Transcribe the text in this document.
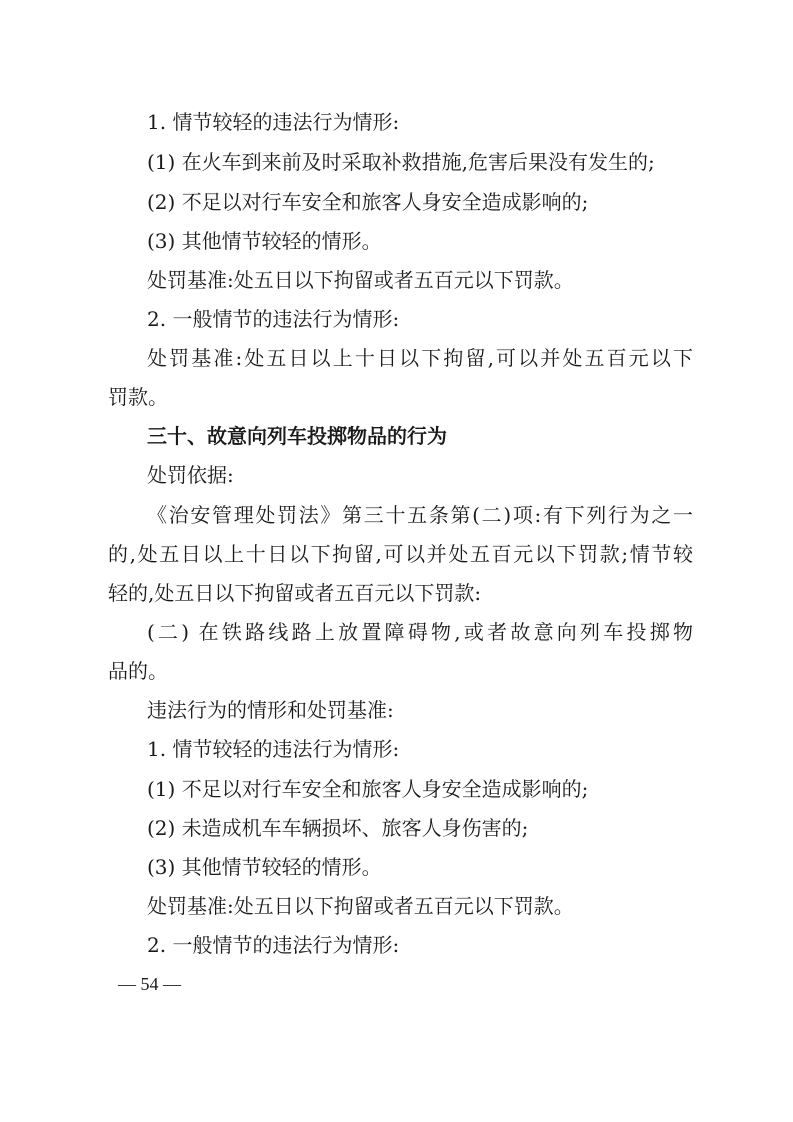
1. 情节较轻的违法行为情形:
(1) 在火车到来前及时采取补救措施,危害后果没有发生的;
(2) 不足以对行车安全和旅客人身安全造成影响的;
(3) 其他情节较轻的情形。
处罚基准:处五日以下拘留或者五百元以下罚款。
2. 一般情节的违法行为情形:
处罚基准:处五日以上十日以下拘留,可以并处五百元以下
罚款。
三十、故意向列车投掷物品的行为
处罚依据:
《治安管理处罚法》第三十五条第(二)项:有下列行为之一
的,处五日以上十日以下拘留,可以并处五百元以下罚款;情节较
轻的,处五日以下拘留或者五百元以下罚款:
(二) 在铁路线路上放置障碍物,或者故意向列车投掷物
品的。
违法行为的情形和处罚基准:
1. 情节较轻的违法行为情形:
(1) 不足以对行车安全和旅客人身安全造成影响的;
(2) 未造成机车车辆损坏、旅客人身伤害的;
(3) 其他情节较轻的情形。
处罚基准:处五日以下拘留或者五百元以下罚款。
2. 一般情节的违法行为情形:
— 54 —
